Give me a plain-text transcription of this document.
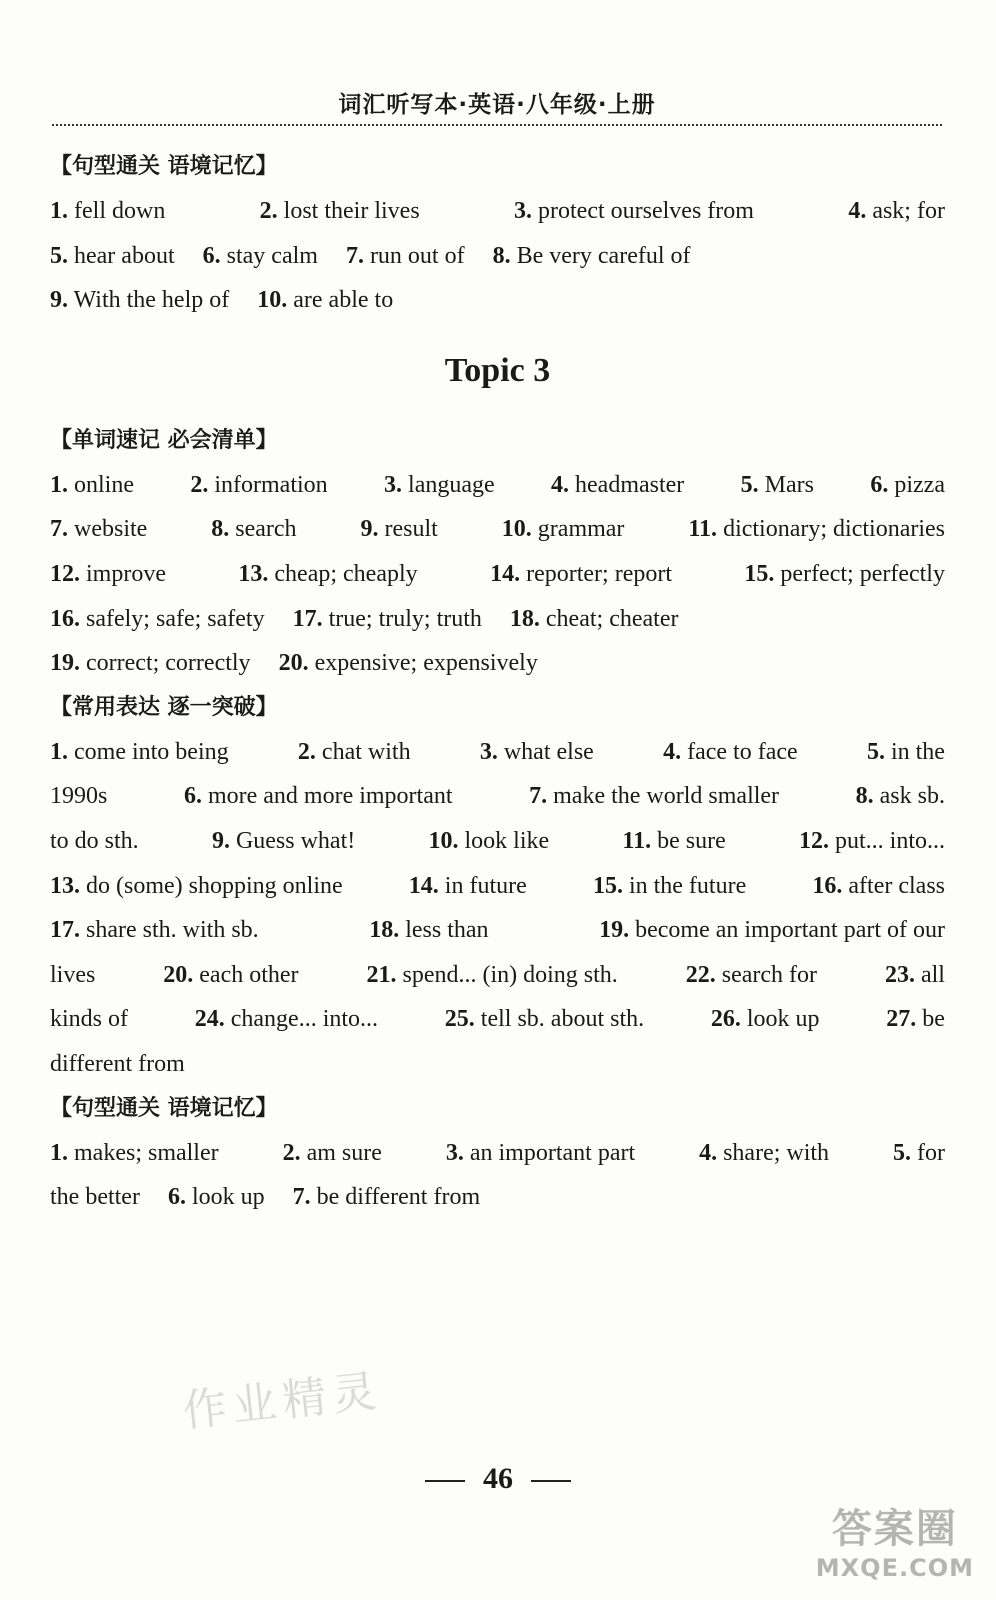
词汇听写本·英语·八年级·上册
【句型通关 语境记忆】
1. fell down	2. lost their lives	3. protect ourselves from	4. ask; for
5. hear about 6. stay calm 7. run out of 8. Be very careful of
9. With the help of 10. are able to
Topic 3
【单词速记 必会清单】
1. online 2. information 3. language 4. headmaster 5. Mars 6. pizza
7. website	8. search	9. result	10. grammar	11. dictionary; dictionaries
12. improve	13. cheap; cheaply	14. reporter; report	15. perfect; perfectly
16. safely; safe; safety 17. true; truly; truth 18. cheat; cheater
19. correct; correctly 20. expensive; expensively
【常用表达 逐一突破】
1. come into being	2. chat with	3. what else	4. face to face	5. in the
1990s	6. more and more important	7. make the world smaller	8. ask sb.
to do sth.	9. Guess what!	10. look like	11. be sure	12. put... into...
13. do (some) shopping online	14. in future	15. in the future	16. after class
17. share sth. with sb.	18. less than	19. become an important part of our
lives	20. each other	21. spend... (in) doing sth.	22. search for	23. all
kinds of	24. change... into...	25. tell sb. about sth.	26. look up	27. be
different from
【句型通关 语境记忆】
1. makes; smaller	2. am sure	3. an important part	4. share; with	5. for
the better 6. look up 7. be different from
作业精灵
46
答案圈
MXQE.COM
